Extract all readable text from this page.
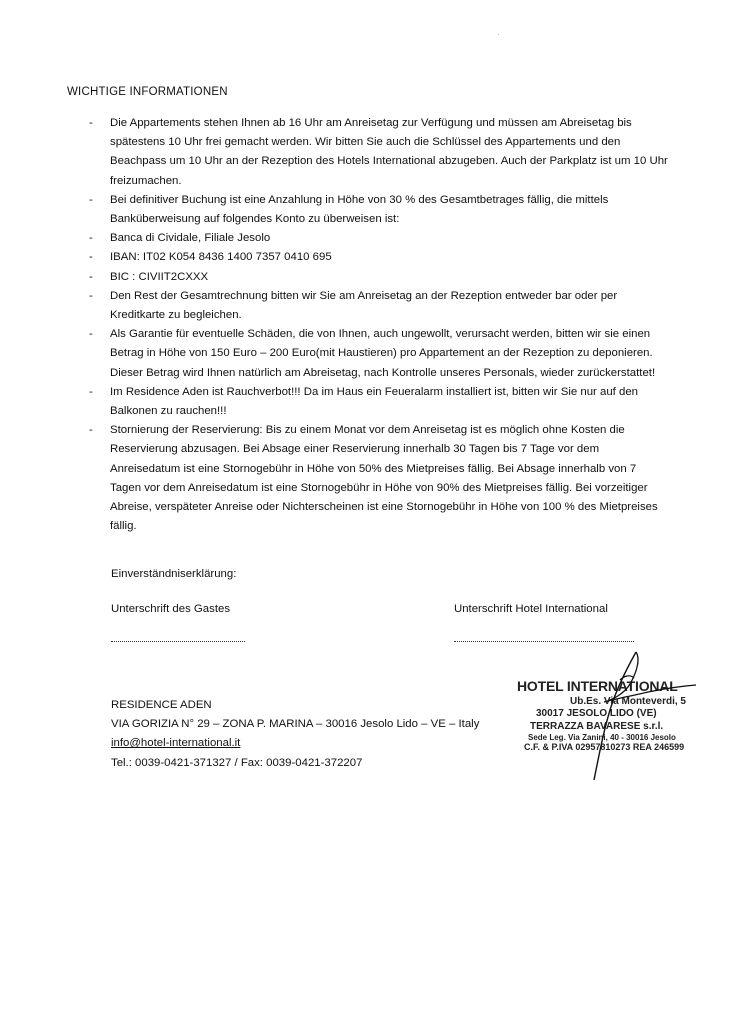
·
WICHTIGE INFORMATIONEN
- Die Appartements stehen Ihnen ab 16 Uhr am Anreisetag zur Verfügung und müssen am Abreisetag bis spätestens 10 Uhr frei gemacht werden. Wir bitten Sie auch die Schlüssel des Appartements und den Beachpass um 10 Uhr an der Rezeption des Hotels International abzugeben. Auch der Parkplatz ist um 10 Uhr freizumachen.
- Bei definitiver Buchung ist eine Anzahlung in Höhe von 30 % des Gesamtbetrages fällig, die mittels Banküberweisung auf folgendes Konto zu überweisen ist:
- Banca di Cividale, Filiale Jesolo
- IBAN: IT02 K054 8436 1400 7357 0410 695
- BIC : CIVIIT2CXXX
- Den Rest der Gesamtrechnung bitten wir Sie am Anreisetag an der Rezeption entweder bar oder per Kreditkarte zu begleichen.
- Als Garantie für eventuelle Schäden, die von Ihnen, auch ungewollt, verursacht werden, bitten wir sie einen Betrag in Höhe von 150 Euro – 200 Euro(mit Haustieren) pro Appartement an der Rezeption zu deponieren. Dieser Betrag wird Ihnen natürlich am Abreisetag, nach Kontrolle unseres Personals, wieder zurückerstattet!
- Im Residence Aden ist Rauchverbot!!! Da im Haus ein Feueralarm installiert ist, bitten wir Sie nur auf den Balkonen zu rauchen!!!
- Stornierung der Reservierung: Bis zu einem Monat vor dem Anreisetag ist es möglich ohne Kosten die Reservierung abzusagen. Bei Absage einer Reservierung innerhalb 30 Tagen bis 7 Tage vor dem Anreisedatum ist eine Stornogebühr in Höhe von 50% des Mietpreises fällig. Bei Absage innerhalb von 7 Tagen vor dem Anreisedatum ist eine Stornogebühr in Höhe von 90% des Mietpreises fällig. Bei vorzeitiger Abreise, verspäteter Anreise oder Nichterscheinen ist eine Stornogebühr in Höhe von 100 % des Mietpreises fällig.
Einverständniserklärung:
Unterschrift des Gastes	Unterschrift Hotel International
RESIDENCE ADEN
VIA GORIZIA N° 29 – ZONA P. MARINA – 30016 Jesolo Lido – VE – Italy
info@hotel-international.it
Tel.: 0039-0421-371327 / Fax: 0039-0421-372207
HOTEL INTERNATIONAL
Ub.Es. Via Monteverdi, 5
30017 JESOLO LIDO (VE)
TERRAZZA BAVARESE s.r.l.
Sede Leg. Via Zanini, 40 - 30016 Jesolo
C.F. & P.IVA 02957810273 REA 246599
